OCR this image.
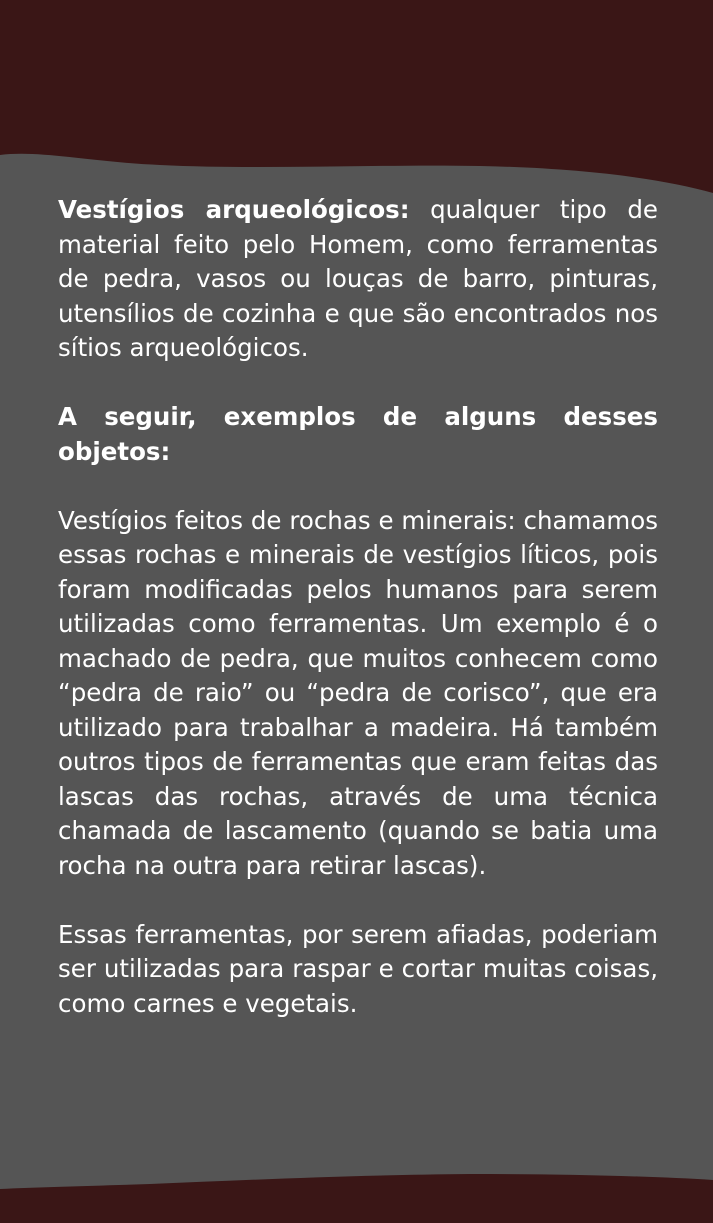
Vestígios arqueológicos: qualquer tipo de material feito pelo Homem, como ferramentas de pedra, vasos ou louças de barro, pinturas, utensílios de cozinha e que são encontrados nos sítios arqueológicos.

A seguir, exemplos de alguns desses objetos:

Vestígios feitos de rochas e minerais: chamamos essas rochas e minerais de vestígios líticos, pois foram modificadas pelos humanos para serem utilizadas como ferramentas. Um exemplo é o machado de pedra, que muitos conhecem como “pedra de raio” ou “pedra de corisco”, que era utilizado para trabalhar a madeira. Há também outros tipos de ferramentas que eram feitas das lascas das rochas, através de uma técnica chamada de lascamento (quando se batia uma rocha na outra para retirar lascas).

Essas ferramentas, por serem afiadas, poderiam ser utilizadas para raspar e cortar muitas coisas, como carnes e vegetais.
